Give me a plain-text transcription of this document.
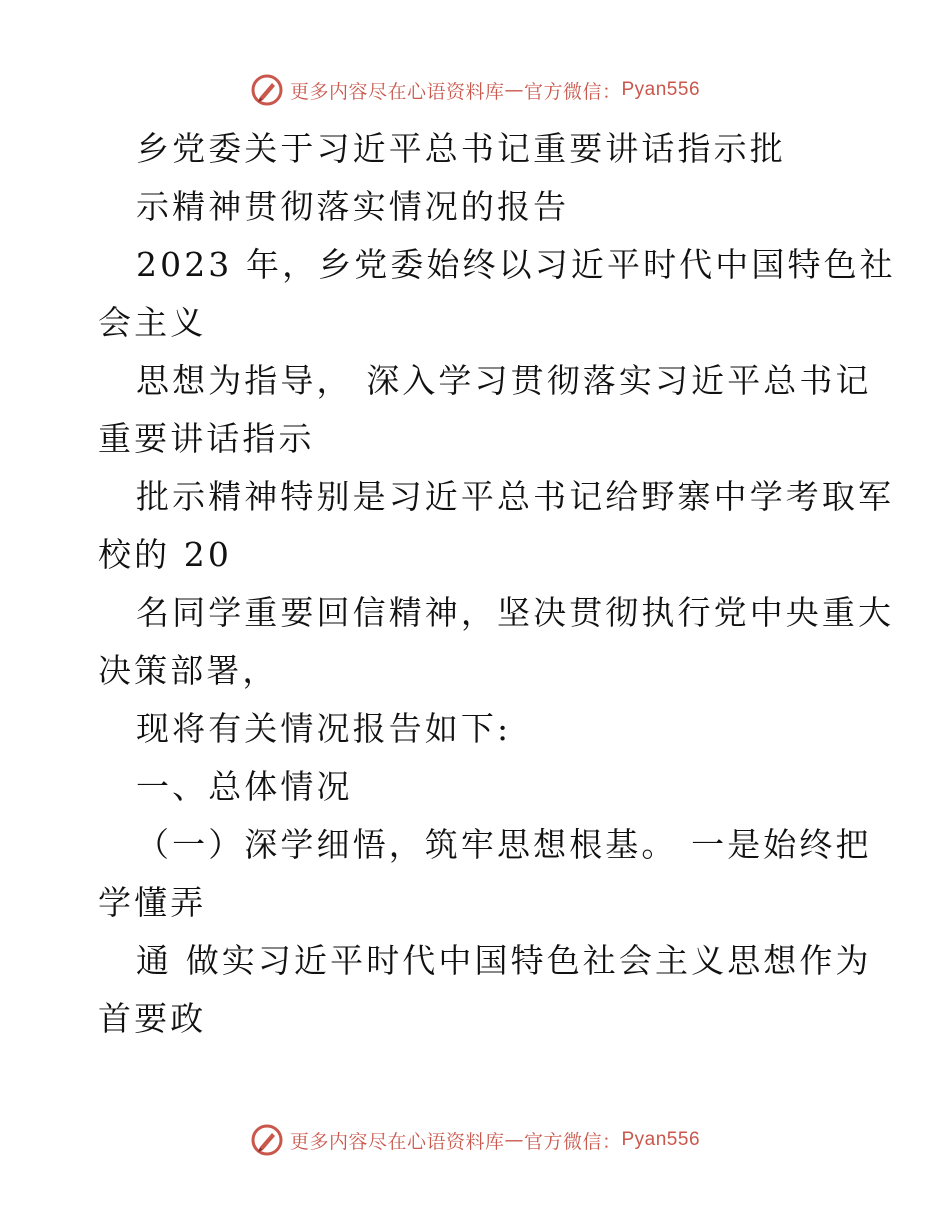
更多内容尽在心语资料库 — 官方微信： Pyan556
乡党委关于习近平总书记重要讲话指示批
示精神贯彻落实情况的报告
2023 年，乡党委始终以习近平时代中国特色社
会主义
思想为指导， 深入学习贯彻落实习近平总书记
重要讲话指示
批示精神特别是习近平总书记给野寨中学考取军
校的 20
名同学重要回信精神，坚决贯彻执行党中央重大
决策部署，
现将有关情况报告如下:
一、总体情况
（一）深学细悟，筑牢思想根基。 一是始终把
学懂弄
通 做实习近平时代中国特色社会主义思想作为
首要政
更多内容尽在心语资料库 — 官方微信： Pyan556
